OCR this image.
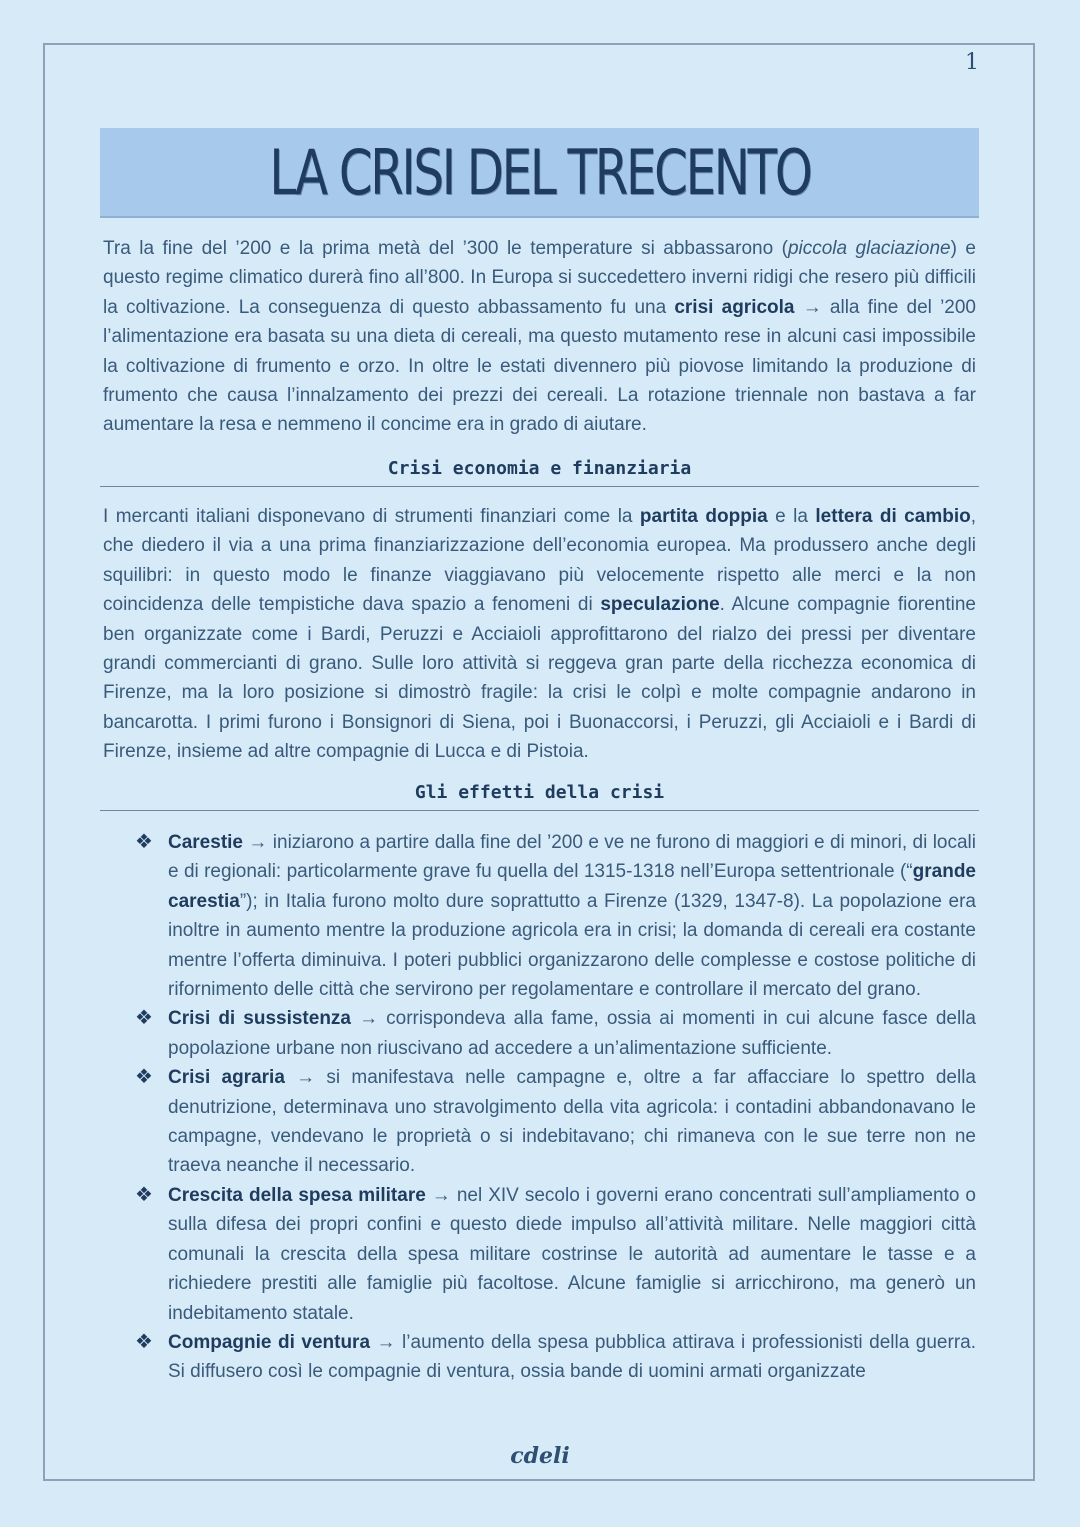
1
LA CRISI DEL TRECENTO

Tra la fine del ’200 e la prima metà del ’300 le temperature si abbassarono (piccola glaciazione) e questo regime climatico durerà fino all’800. In Europa si succedettero inverni ridigi che resero più difficili la coltivazione. La conseguenza di questo abbassamento fu una crisi agricola → alla fine del ’200 l’alimentazione era basata su una dieta di cereali, ma questo mutamento rese in alcuni casi impossibile la coltivazione di frumento e orzo. In oltre le estati divennero più piovose limitando la produzione di frumento che causa l’innalzamento dei prezzi dei cereali. La rotazione triennale non bastava a far aumentare la resa e nemmeno il concime era in grado di aiutare.

Crisi economia e finanziaria

I mercanti italiani disponevano di strumenti finanziari come la partita doppia e la lettera di cambio, che diedero il via a una prima finanziarizzazione dell’economia europea. Ma produssero anche degli squilibri: in questo modo le finanze viaggiavano più velocemente rispetto alle merci e la non coincidenza delle tempistiche dava spazio a fenomeni di speculazione. Alcune compagnie fiorentine ben organizzate come i Bardi, Peruzzi e Acciaioli approfittarono del rialzo dei pressi per diventare grandi commercianti di grano. Sulle loro attività si reggeva gran parte della ricchezza economica di Firenze, ma la loro posizione si dimostrò fragile: la crisi le colpì e molte compagnie andarono in bancarotta. I primi furono i Bonsignori di Siena, poi i Buonaccorsi, i Peruzzi, gli Acciaioli e i Bardi di Firenze, insieme ad altre compagnie di Lucca e di Pistoia.

Gli effetti della crisi
❖ Carestie → iniziarono a partire dalla fine del ’200 e ve ne furono di maggiori e di minori, di locali e di regionali: particolarmente grave fu quella del 1315-1318 nell’Europa settentrionale (“grande carestia”); in Italia furono molto dure soprattutto a Firenze (1329, 1347-8). La popolazione era inoltre in aumento mentre la produzione agricola era in crisi; la domanda di cereali era costante mentre l’offerta diminuiva. I poteri pubblici organizzarono delle complesse e costose politiche di rifornimento delle città che servirono per regolamentare e controllare il mercato del grano.
❖ Crisi di sussistenza → corrispondeva alla fame, ossia ai momenti in cui alcune fasce della popolazione urbane non riuscivano ad accedere a un’alimentazione sufficiente.
❖ Crisi agraria → si manifestava nelle campagne e, oltre a far affacciare lo spettro della denutrizione, determinava uno stravolgimento della vita agricola: i contadini abbandonavano le campagne, vendevano le proprietà o si indebitavano; chi rimaneva con le sue terre non ne traeva neanche il necessario.
❖ Crescita della spesa militare → nel XIV secolo i governi erano concentrati sull’ampliamento o sulla difesa dei propri confini e questo diede impulso all’attività militare. Nelle maggiori città comunali la crescita della spesa militare costrinse le autorità ad aumentare le tasse e a richiedere prestiti alle famiglie più facoltose. Alcune famiglie si arricchirono, ma generò un indebitamento statale.
❖ Compagnie di ventura → l’aumento della spesa pubblica attirava i professionisti della guerra. Si diffusero così le compagnie di ventura, ossia bande di uomini armati organizzate
cdeli
